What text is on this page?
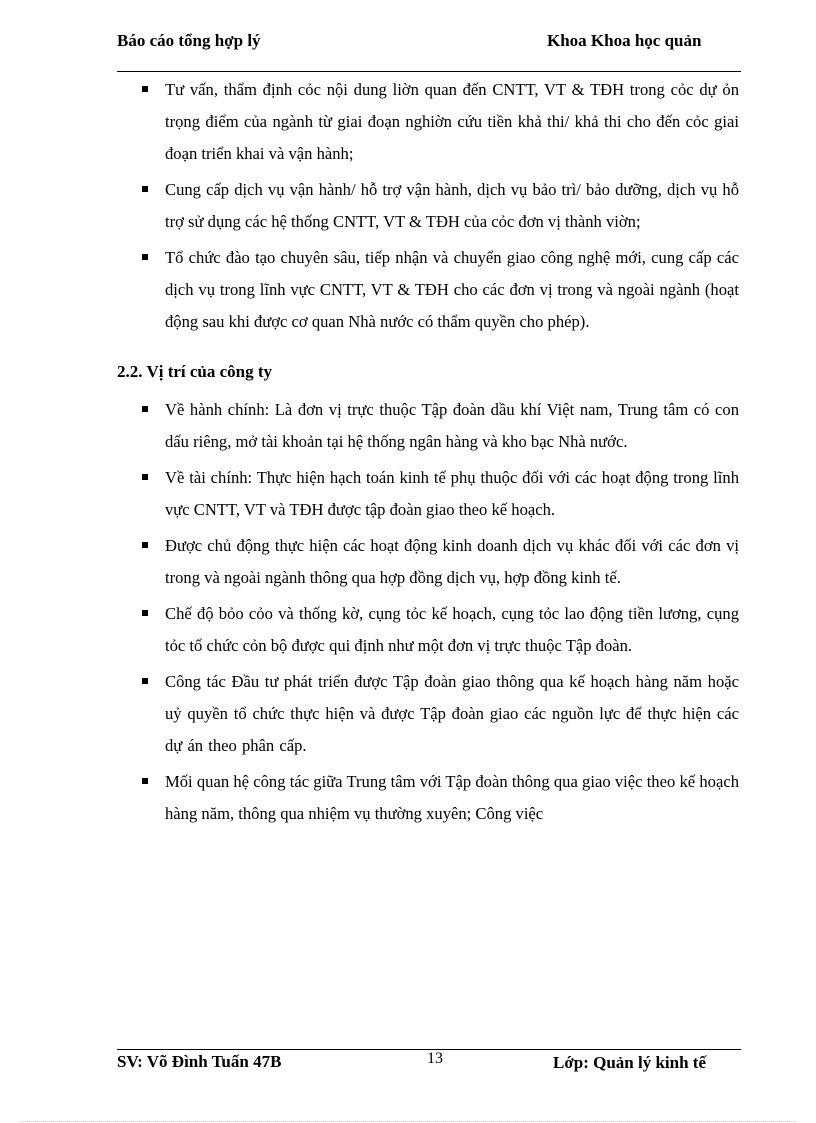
Báo cáo tổng hợp lý	Khoa Khoa học quản
Tư vấn, thẩm định cỏc nội dung liờn quan đến CNTT, VT & TĐH trong cỏc dự ỏn trọng điểm của ngành từ giai đoạn nghiờn cứu tiền khả thi/ khả thi cho đến cỏc giai đoạn triển khai và vận hành;
Cung cấp dịch vụ vận hành/ hỗ trợ vận hành, dịch vụ bảo trì/ bảo dưỡng, dịch vụ hỗ trợ sử dụng các hệ thống CNTT, VT & TĐH của cỏc đơn vị thành viờn;
Tổ chức đào tạo chuyên sâu, tiếp nhận và chuyển giao công nghệ mới, cung cấp các dịch vụ trong lĩnh vực CNTT, VT & TĐH cho các đơn vị trong và ngoài ngành (hoạt động sau khi được cơ quan Nhà nước có thẩm quyền cho phép).
2.2. Vị trí của công ty
Về hành chính: Là đơn vị trực thuộc Tập đoàn dầu khí Việt nam, Trung tâm có con dấu riêng, mở tài khoản tại hệ thống ngân hàng và kho bạc Nhà nước.
Về tài chính: Thực hiện hạch toán kinh tế phụ thuộc đối với các hoạt động trong lĩnh vực CNTT, VT và TĐH được tập đoàn giao theo kế hoạch.
Được chủ động thực hiện các hoạt động kinh doanh dịch vụ khác đối với các đơn vị trong và ngoài ngành thông qua hợp đồng dịch vụ, hợp đồng kinh tế.
Chế độ bỏo cỏo và thống kờ, cụng tỏc kế hoạch, cụng tỏc lao động tiền lương, cụng tỏc tổ chức cỏn bộ được qui định như một đơn vị trực thuộc Tập đoàn.
Công tác Đầu tư phát triển được Tập đoàn giao thông qua kế hoạch hàng năm hoặc uỷ quyền tổ chức thực hiện và được Tập đoàn giao các nguồn lực để thực hiện các dự án theo phân cấp.
Mối quan hệ công tác giữa Trung tâm với Tập đoàn thông qua giao việc theo kế hoạch hàng năm, thông qua nhiệm vụ thường xuyên; Công việc
SV: Võ Đình Tuấn 47B	13	Lớp: Quản lý kinh tế
